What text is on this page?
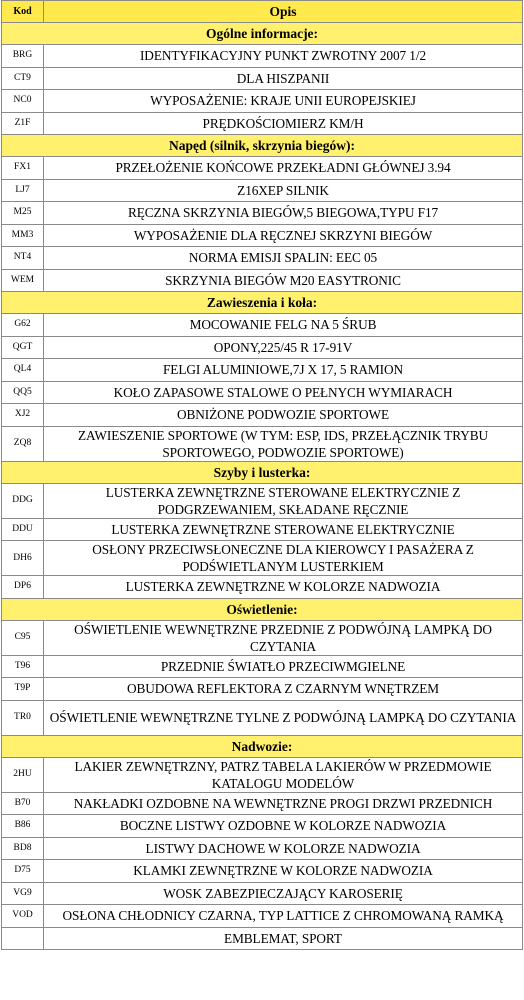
Kod	Opis
Ogólne informacje:	
BRG	IDENTYFIKACYJNY PUNKT ZWROTNY 2007 1/2
CT9	DLA HISZPANII
NC0	WYPOSAŻENIE: KRAJE UNII EUROPEJSKIEJ
Z1F	PRĘDKOŚCIOMIERZ KM/H
Napęd (silnik, skrzynia biegów):	
FX1	PRZEŁOŻENIE KOŃCOWE PRZEKŁADNI GŁÓWNEJ 3.94
LJ7	Z16XEP SILNIK
M25	RĘCZNA SKRZYNIA BIEGÓW,5 BIEGOWA,TYPU F17
MM3	WYPOSAŻENIE DLA RĘCZNEJ SKRZYNI BIEGÓW
NT4	NORMA EMISJI SPALIN: EEC 05
WEM	SKRZYNIA BIEGÓW M20 EASYTRONIC
Zawieszenia i koła:	
G62	MOCOWANIE FELG NA 5 ŚRUB
QGT	OPONY,225/45 R 17-91V
QL4	FELGI ALUMINIOWE,7J X 17, 5 RAMION
QQ5	KOŁO ZAPASOWE STALOWE O PEŁNYCH WYMIARACH
XJ2	OBNIŻONE PODWOZIE SPORTOWE
ZQ8	ZAWIESZENIE SPORTOWE (W TYM: ESP, IDS, PRZEŁĄCZNIK TRYBU SPORTOWEGO, PODWOZIE SPORTOWE)
Szyby i lusterka:	
DDG	LUSTERKA ZEWNĘTRZNE STEROWANE ELEKTRYCZNIE Z PODGRZEWANIEM, SKŁADANE RĘCZNIE
DDU	LUSTERKA ZEWNĘTRZNE STEROWANE ELEKTRYCZNIE
DH6	OSŁONY PRZECIWSŁONECZNE DLA KIEROWCY I PASAŻERA Z PODŚWIETLANYM LUSTERKIEM
DP6	LUSTERKA ZEWNĘTRZNE W KOLORZE NADWOZIA
Oświetlenie:	
C95	OŚWIETLENIE WEWNĘTRZNE PRZEDNIE Z PODWÓJNĄ LAMPKĄ DO CZYTANIA
T96	PRZEDNIE ŚWIATŁO PRZECIWMGIELNE
T9P	OBUDOWA REFLEKTORA Z CZARNYM WNĘTRZEM
TR0	OŚWIETLENIE WEWNĘTRZNE TYLNE Z PODWÓJNĄ LAMPKĄ DO CZYTANIA
Nadwozie:	
2HU	LAKIER ZEWNĘTRZNY, PATRZ TABELA LAKIERÓW W PRZEDMOWIE KATALOGU MODELÓW
B70	NAKŁADKI OZDOBNE NA WEWNĘTRZNE PROGI DRZWI PRZEDNICH
B86	BOCZNE LISTWY OZDOBNE W KOLORZE NADWOZIA
BD8	LISTWY DACHOWE W KOLORZE NADWOZIA
D75	KLAMKI ZEWNĘTRZNE W KOLORZE NADWOZIA
VG9	WOSK ZABEZPIECZAJĄCY KAROSERIĘ
VOD	OSŁONA CHŁODNICY CZARNA, TYP LATTICE Z CHROMOWANĄ RAMKĄ
	EMBLEMAT, SPORT
